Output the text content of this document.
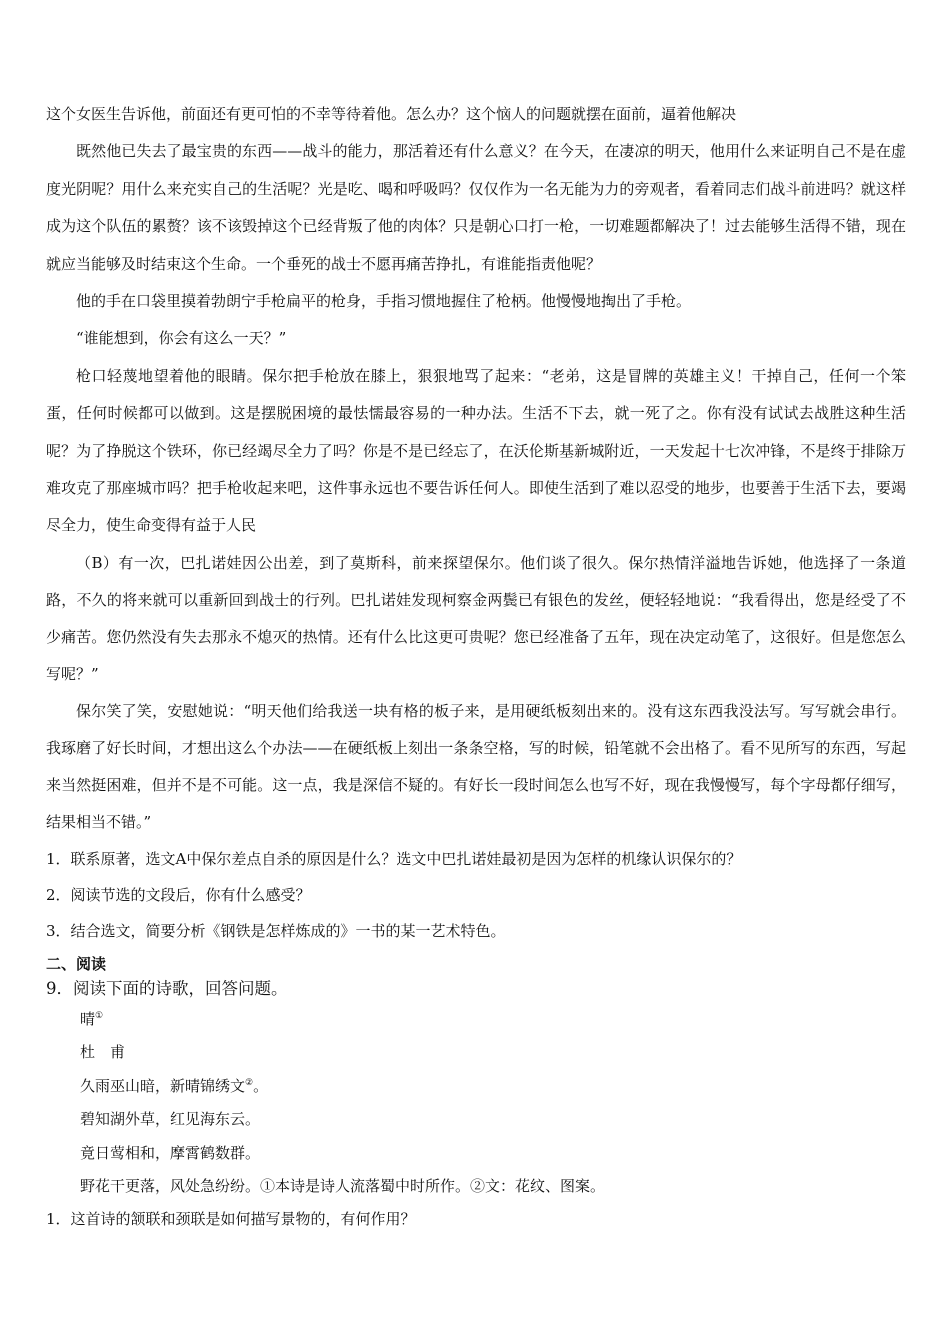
这个女医生告诉他，前面还有更可怕的不幸等待着他。怎么办？这个恼人的问题就摆在面前，逼着他解决

既然他已失去了最宝贵的东西——战斗的能力，那活着还有什么意义？在今天，在凄凉的明天，他用什么来证明自己不是在虚度光阴呢？用什么来充实自己的生活呢？光是吃、喝和呼吸吗？仅仅作为一名无能为力的旁观者，看着同志们战斗前进吗？就这样成为这个队伍的累赘？该不该毁掉这个已经背叛了他的肉体？只是朝心口打一枪，一切难题都解决了！过去能够生活得不错，现在就应当能够及时结束这个生命。一个垂死的战士不愿再痛苦挣扎，有谁能指责他呢？

他的手在口袋里摸着勃朗宁手枪扁平的枪身，手指习惯地握住了枪柄。他慢慢地掏出了手枪。

“谁能想到，你会有这么一天？”

枪口轻蔑地望着他的眼睛。保尔把手枪放在膝上，狠狠地骂了起来：“老弟，这是冒牌的英雄主义！干掉自己，任何一个笨蛋，任何时候都可以做到。这是摆脱困境的最怯懦最容易的一种办法。生活不下去，就一死了之。你有没有试试去战胜这种生活呢？为了挣脱这个铁环，你已经竭尽全力了吗？你是不是已经忘了，在沃伦斯基新城附近，一天发起十七次冲锋，不是终于排除万难攻克了那座城市吗？把手枪收起来吧，这件事永远也不要告诉任何人。即使生活到了难以忍受的地步，也要善于生活下去，要竭尽全力，使生命变得有益于人民

（B）有一次，巴扎诺娃因公出差，到了莫斯科，前来探望保尔。他们谈了很久。保尔热情洋溢地告诉她，他选择了一条道路，不久的将来就可以重新回到战士的行列。巴扎诺娃发现柯察金两鬓已有银色的发丝，便轻轻地说：“我看得出，您是经受了不少痛苦。您仍然没有失去那永不熄灭的热情。还有什么比这更可贵呢？您已经准备了五年，现在决定动笔了，这很好。但是您怎么写呢？”

保尔笑了笑，安慰她说：“明天他们给我送一块有格的板子来，是用硬纸板刻出来的。没有这东西我没法写。写写就会串行。我琢磨了好长时间，才想出这么个办法——在硬纸板上刻出一条条空格，写的时候，铅笔就不会出格了。看不见所写的东西，写起来当然挺困难，但并不是不可能。这一点，我是深信不疑的。有好长一段时间怎么也写不好，现在我慢慢写，每个字母都仔细写，结果相当不错。”

1．联系原著，选文A中保尔差点自杀的原因是什么？选文中巴扎诺娃最初是因为怎样的机缘认识保尔的？

2．阅读节选的文段后，你有什么感受？

3．结合选文，简要分析《钢铁是怎样炼成的》一书的某一艺术特色。

二、阅读

9．阅读下面的诗歌，回答问题。

晴①

杜　甫

久雨巫山暗，新晴锦绣文②。

碧知湖外草，红见海东云。

竟日莺相和，摩霄鹤数群。

野花干更落，风处急纷纷。①本诗是诗人流落蜀中时所作。②文：花纹、图案。

1．这首诗的颔联和颈联是如何描写景物的，有何作用？
